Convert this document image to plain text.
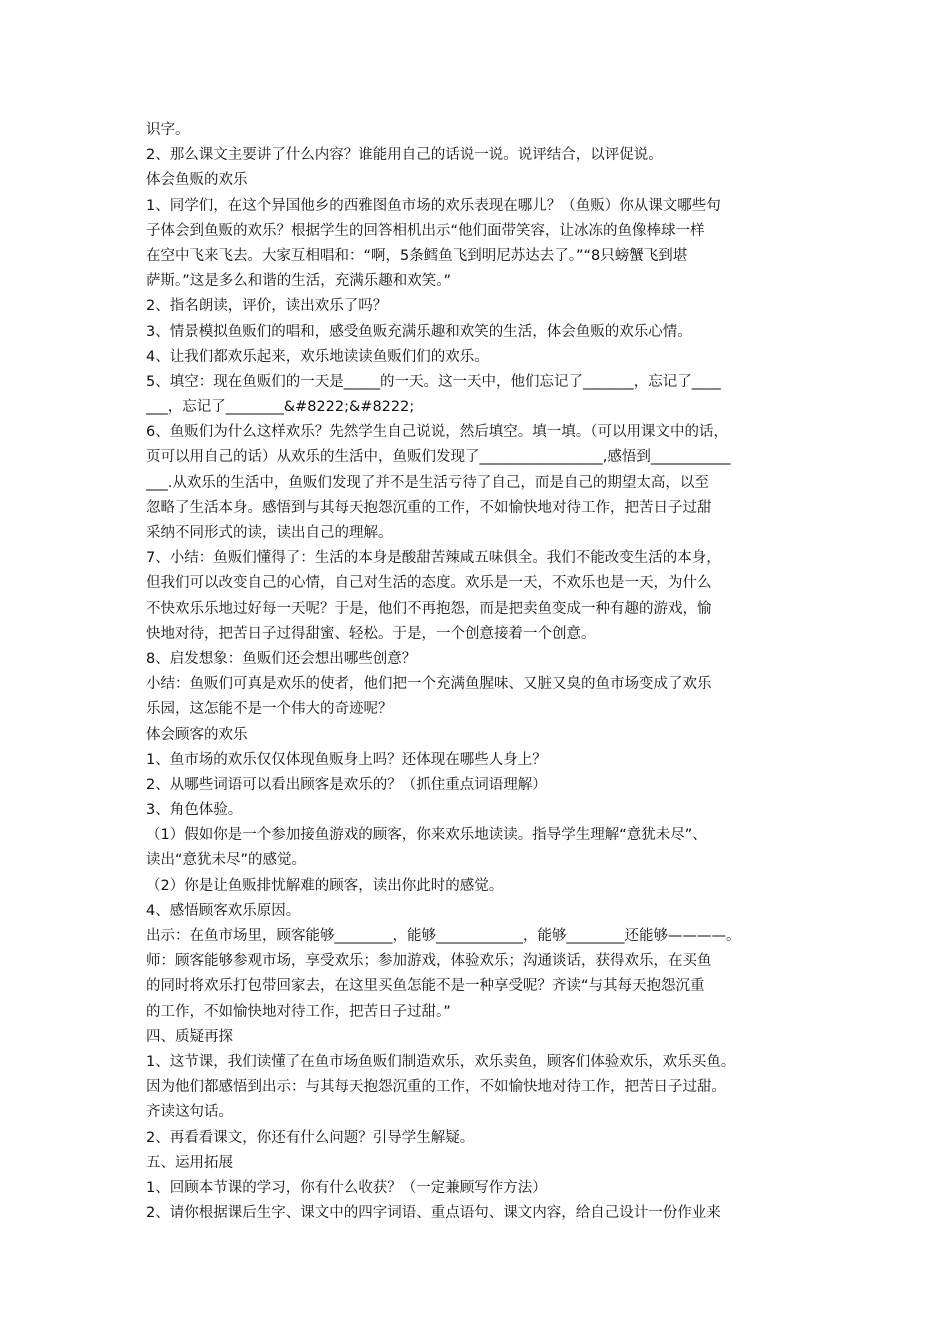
识字。
2、那么课文主要讲了什么内容？谁能用自己的话说一说。说评结合，以评促说。
体会鱼贩的欢乐
1、同学们，在这个异国他乡的西雅图鱼市场的欢乐表现在哪儿？（鱼贩）你从课文哪些句
子体会到鱼贩的欢乐？根据学生的回答相机出示“他们面带笑容，让冰冻的鱼像棒球一样
在空中飞来飞去。大家互相唱和：“啊，5条鳕鱼飞到明尼苏达去了。”“8只螃蟹飞到堪
萨斯。”这是多么和谐的生活，充满乐趣和欢笑。”
2、指名朗读，评价，读出欢乐了吗？
3、情景模拟鱼贩们的唱和，感受鱼贩充满乐趣和欢笑的生活，体会鱼贩的欢乐心情。
4、让我们都欢乐起来，欢乐地读读鱼贩们们的欢乐。
5、填空：现在鱼贩们的一天是_____的一天。这一天中，他们忘记了_______，忘记了____
___，忘记了________&#8222;&#8222;
6、鱼贩们为什么这样欢乐？先然学生自己说说，然后填空。填一填。（可以用课文中的话，
页可以用自己的话）从欢乐的生活中，鱼贩们发现了_________________,感悟到___________
___.从欢乐的生活中，鱼贩们发现了并不是生活亏待了自己，而是自己的期望太高，以至
忽略了生活本身。感悟到与其每天抱怨沉重的工作，不如愉快地对待工作，把苦日子过甜
采纳不同形式的读，读出自己的理解。
7、小结：鱼贩们懂得了：生活的本身是酸甜苦辣咸五味俱全。我们不能改变生活的本身，
但我们可以改变自己的心情，自己对生活的态度。欢乐是一天，不欢乐也是一天，为什么
不快欢乐乐地过好每一天呢？于是，他们不再抱怨，而是把卖鱼变成一种有趣的游戏，愉
快地对待，把苦日子过得甜蜜、轻松。于是，一个创意接着一个创意。
8、启发想象：鱼贩们还会想出哪些创意？
小结：鱼贩们可真是欢乐的使者，他们把一个充满鱼腥味、又脏又臭的鱼市场变成了欢乐
乐园，这怎能不是一个伟大的奇迹呢？
体会顾客的欢乐
1、鱼市场的欢乐仅仅体现鱼贩身上吗？还体现在哪些人身上？
2、从哪些词语可以看出顾客是欢乐的？（抓住重点词语理解）
3、角色体验。
（1）假如你是一个参加接鱼游戏的顾客，你来欢乐地读读。指导学生理解“意犹未尽”、
读出“意犹未尽”的感觉。
（2）你是让鱼贩排忧解难的顾客，读出你此时的感觉。
4、感悟顾客欢乐原因。
出示：在鱼市场里，顾客能够________，能够____________，能够________还能够————。
师：顾客能够参观市场，享受欢乐；参加游戏，体验欢乐；沟通谈话，获得欢乐，在买鱼
的同时将欢乐打包带回家去，在这里买鱼怎能不是一种享受呢？齐读“与其每天抱怨沉重
的工作，不如愉快地对待工作，把苦日子过甜。”
四、质疑再探
1、这节课，我们读懂了在鱼市场鱼贩们制造欢乐，欢乐卖鱼，顾客们体验欢乐，欢乐买鱼。
因为他们都感悟到出示：与其每天抱怨沉重的工作，不如愉快地对待工作，把苦日子过甜。
齐读这句话。
2、再看看课文，你还有什么问题？引导学生解疑。
五、运用拓展
1、回顾本节课的学习，你有什么收获？（一定兼顾写作方法）
2、请你根据课后生字、课文中的四字词语、重点语句、课文内容，给自己设计一份作业来
